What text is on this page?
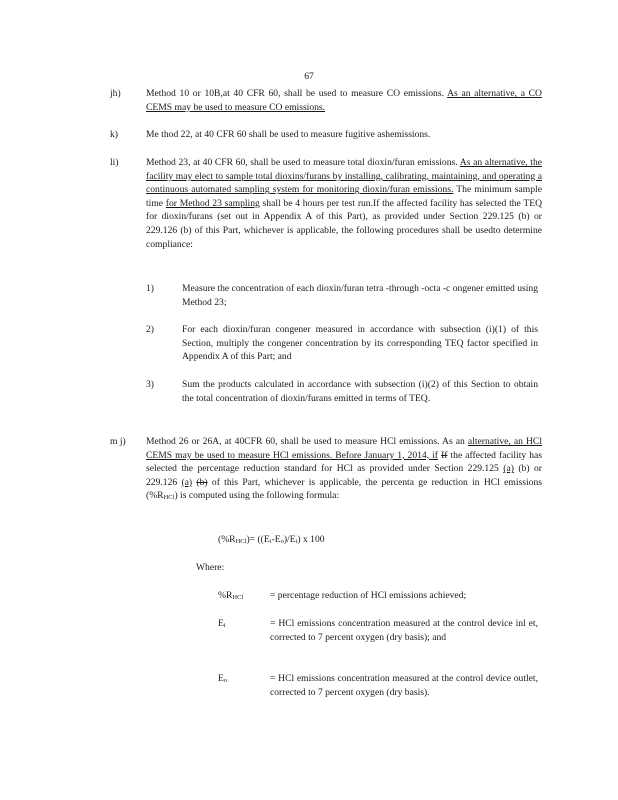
67
jh)	Method 10 or 10B,at 40 CFR 60, shall be used to measure CO emissions. As an alternative, a CO CEMS may be used to measure CO emissions.

k)	Me thod 22, at 40 CFR 60 shall be used to measure fugitive ashemissions.

li)	Method 23, at 40 CFR 60, shall be used to measure total dioxin/furan emissions. As an alternative, the facility may elect to sample total dioxins/furans by installing, calibrating, maintaining, and operating a continuous automated sampling system for monitoring dioxin/furan emissions. The minimum sample time for Method 23 sampling shall be 4 hours per test run.If the affected facility has selected the TEQ for dioxin/furans (set out in Appendix A of this Part), as provided under Section 229.125 (b) or 229.126 (b) of this Part, whichever is applicable, the following procedures shall be usedto determine compliance:

1)	Measure the concentration of each dioxin/furan tetra -through -octa -c ongener emitted using Method 23;
2)	For each dioxin/furan congener measured in accordance with subsection (i)(1) of this Section, multiply the congener concentration by its corresponding TEQ factor specified in Appendix A of this Part; and
3)	Sum the products calculated in accordance with subsection (i)(2) of this Section to obtain the total concentration of dioxin/furans emitted in terms of TEQ.
m j) Method 26 or 26A, at 40CFR 60, shall be used to measure HCl emissions. As an alternative, an HCl CEMS may be used to measure HCl emissions. Before January 1, 2014, if If the affected facility has selected the percentage reduction standard for HCl as provided under Section 229.125 (a) (b) or 229.126 (a) (b) of this Part, whichever is applicable, the percenta ge reduction in HCl emissions $(\%R_{HCl})$ is computed using the following formula:

$(\%R_{HCl})= ((E_i-E_o)/E_i)$ x 100
Where:
$\%R_{HCl}$	= percentage reduction of HCl emissions achieved;
$E_i$	= HCl emissions concentration measured at the control device inl et, corrected to 7 percent oxygen (dry basis); and
$E_o$	= HCl emissions concentration measured at the control device outlet, corrected to 7 percent oxygen (dry basis).
